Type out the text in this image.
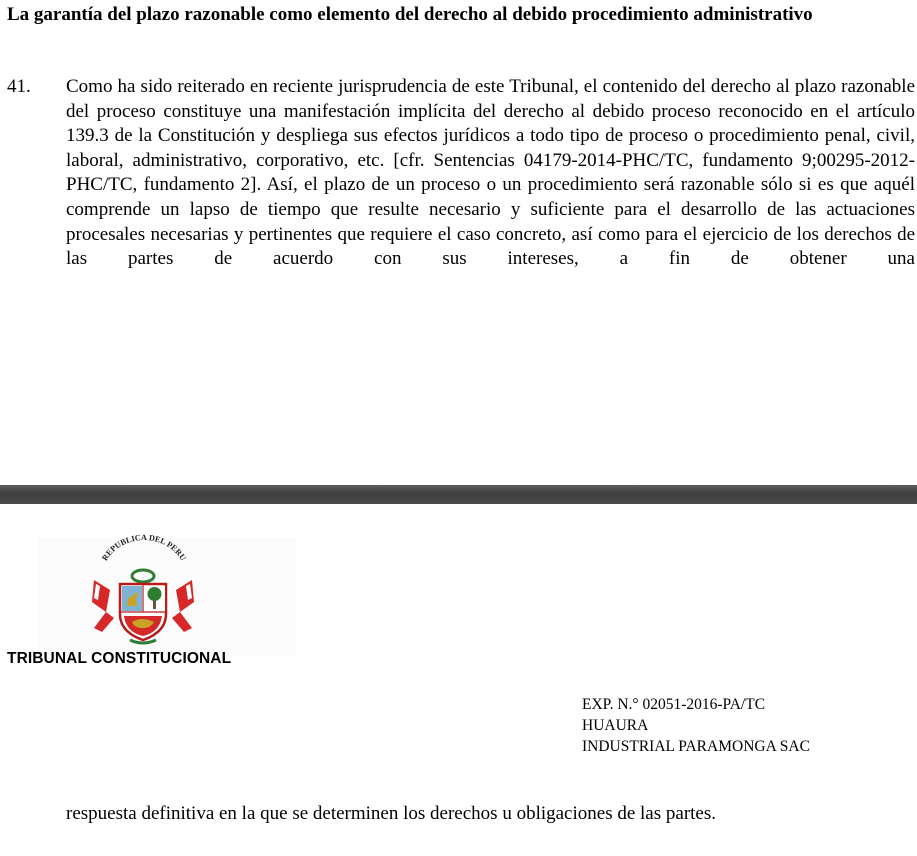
La garantía del plazo razonable como elemento del derecho al debido procedimiento administrativo
41. Como ha sido reiterado en reciente jurisprudencia de este Tribunal, el contenido del derecho al plazo razonable del proceso constituye una manifestación implícita del derecho al debido proceso reconocido en el artículo 139.3 de la Constitución y despliega sus efectos jurídicos a todo tipo de proceso o procedimiento penal, civil, laboral, administrativo, corporativo, etc. [cfr. Sentencias 04179-2014-PHC/TC, fundamento 9;00295-2012-PHC/TC, fundamento 2]. Así, el plazo de un proceso o un procedimiento será razonable sólo si es que aquél comprende un lapso de tiempo que resulte necesario y suficiente para el desarrollo de las actuaciones procesales necesarias y pertinentes que requiere el caso concreto, así como para el ejercicio de los derechos de las partes de acuerdo con sus intereses, a fin de obtener una

REPUBLICA DEL PERU
TRIBUNAL CONSTITUCIONAL
EXP. N.° 02051-2016-PA/TC
HUAURA
INDUSTRIAL PARAMONGA SAC

respuesta definitiva en la que se determinen los derechos u obligaciones de las partes.
